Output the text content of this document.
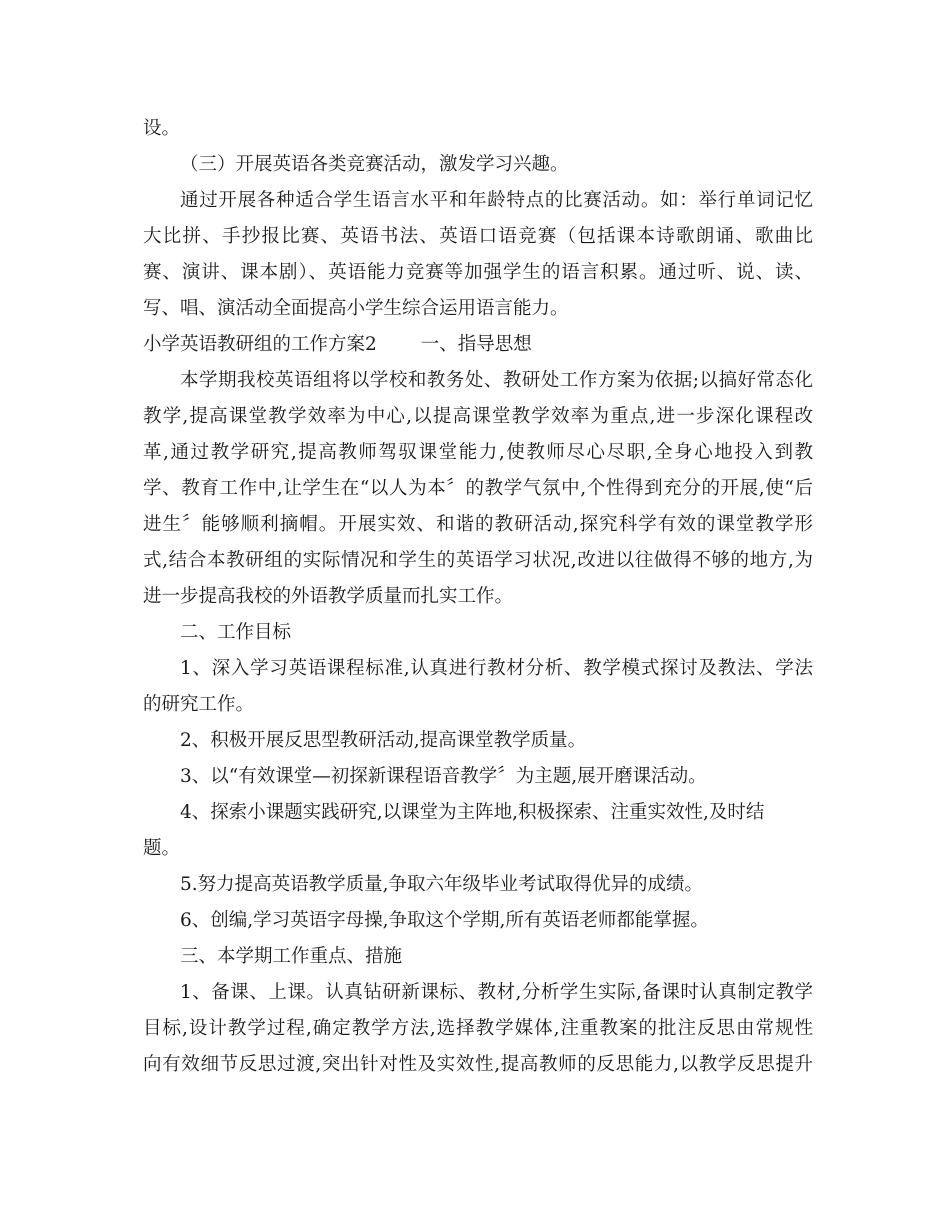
设。
（三）开展英语各类竞赛活动，激发学习兴趣。
通过开展各种适合学生语言水平和年龄特点的比赛活动。如：举行单词记忆
大比拼、手抄报比赛、英语书法、英语口语竞赛（包括课本诗歌朗诵、歌曲比
赛、演讲、课本剧）、英语能力竞赛等加强学生的语言积累。通过听、说、读、
写、唱、演活动全面提高小学生综合运用语言能力。
小学英语教研组的工作方案2 一、指导思想
本学期我校英语组将以学校和教务处、教研处工作方案为依据;以搞好常态化
教学,提高课堂教学效率为中心,以提高课堂教学效率为重点,进一步深化课程改
革,通过教学研究,提高教师驾驭课堂能力,使教师尽心尽职,全身心地投入到教
学、教育工作中,让学生在“以人为本〞的教学气氛中,个性得到充分的开展,使“后
进生〞能够顺利摘帽。开展实效、和谐的教研活动,探究科学有效的课堂教学形
式,结合本教研组的实际情况和学生的英语学习状况,改进以往做得不够的地方,为
进一步提高我校的外语教学质量而扎实工作。
二、工作目标
1、深入学习英语课程标准,认真进行教材分析、教学模式探讨及教法、学法
的研究工作。
2、积极开展反思型教研活动,提高课堂教学质量。
3、以“有效课堂—初探新课程语音教学〞为主题,展开磨课活动。
4、探索小课题实践研究,以课堂为主阵地,积极探索、注重实效性,及时结
题。
5.努力提高英语教学质量,争取六年级毕业考试取得优异的成绩。
6、创编,学习英语字母操,争取这个学期,所有英语老师都能掌握。
三、本学期工作重点、措施
1、备课、上课。认真钻研新课标、教材,分析学生实际,备课时认真制定教学
目标,设计教学过程,确定教学方法,选择教学媒体,注重教案的批注反思由常规性
向有效细节反思过渡,突出针对性及实效性,提高教师的反思能力,以教学反思提升
